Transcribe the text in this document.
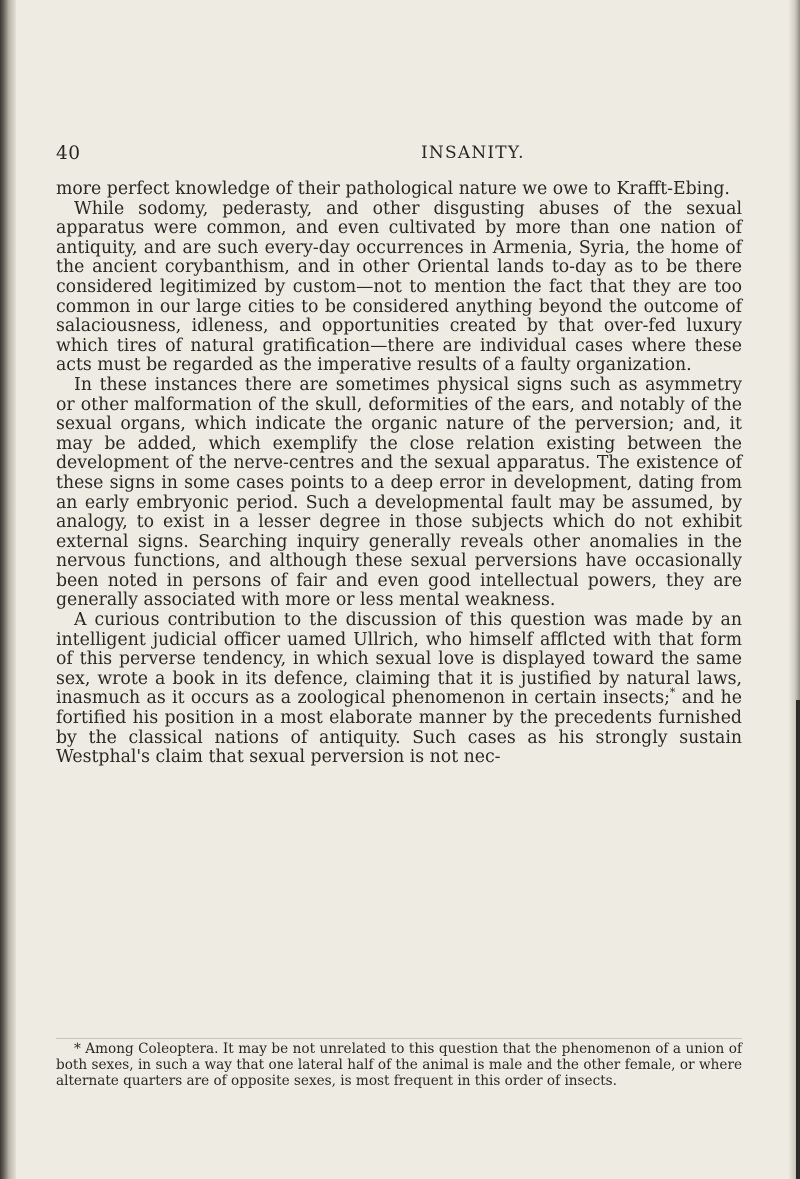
40	INSANITY.

more perfect knowledge of their pathological nature we owe to Krafft-Ebing.

While sodomy, pederasty, and other disgusting abuses of the sexual apparatus were common, and even cultivated by more than one nation of antiquity, and are such every-day occurrences in Armenia, Syria, the home of the ancient corybanthism, and in other Oriental lands to-day as to be there considered legitimized by custom—not to mention the fact that they are too common in our large cities to be considered anything beyond the outcome of salaciousness, idleness, and opportunities created by that over-fed luxury which tires of natural gratification—there are individual cases where these acts must be regarded as the imperative results of a faulty organization.

In these instances there are sometimes physical signs such as asymmetry or other malformation of the skull, deformities of the ears, and notably of the sexual organs, which indicate the organic nature of the perversion; and, it may be added, which exemplify the close relation existing between the development of the nerve-centres and the sexual apparatus. The existence of these signs in some cases points to a deep error in development, dating from an early embryonic period. Such a developmental fault may be assumed, by analogy, to exist in a lesser degree in those subjects which do not exhibit external signs. Searching inquiry generally reveals other anomalies in the nervous functions, and although these sexual perversions have occasionally been noted in persons of fair and even good intellectual powers, they are generally associated with more or less mental weakness.

A curious contribution to the discussion of this question was made by an intelligent judicial officer uamed Ullrich, who himself afflcted with that form of this perverse tendency, in which sexual love is displayed toward the same sex, wrote a book in its defence, claiming that it is justified by natural laws, inasmuch as it occurs as a zoological phenomenon in certain insects;* and he fortified his position in a most elaborate manner by the precedents furnished by the classical nations of antiquity. Such cases as his strongly sustain Westphal's claim that sexual perversion is not nec-

* Among Coleoptera. It may be not unrelated to this question that the phenomenon of a union of both sexes, in such a way that one lateral half of the animal is male and the other female, or where alternate quarters are of opposite sexes, is most frequent in this order of insects.
